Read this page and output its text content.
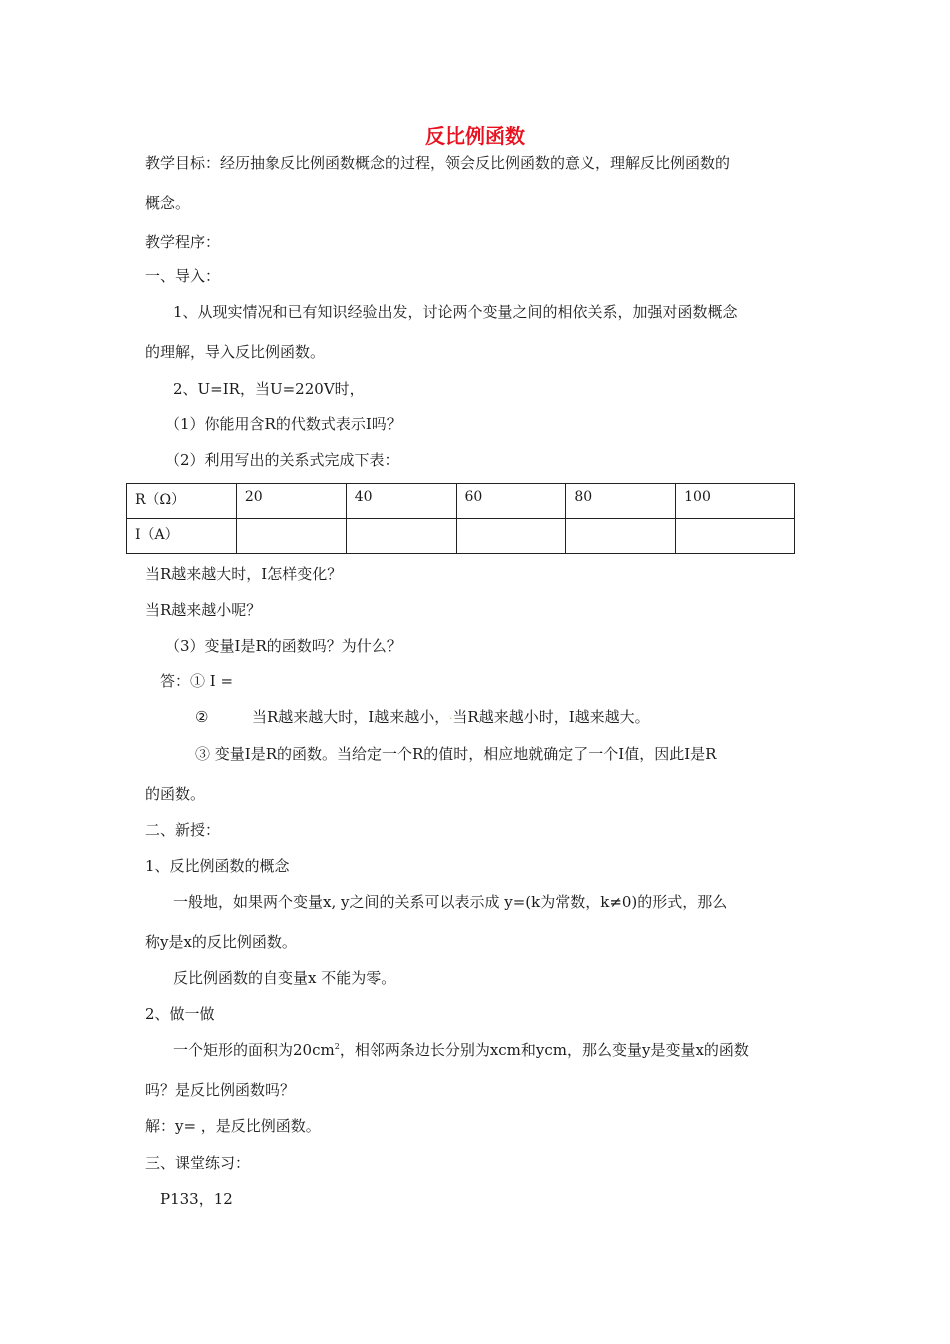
反比例函数
教学目标：经历抽象反比例函数概念的过程，领会反比例函数的意义，理解反比例函数的
概念。
教学程序：
一、导入：
1、从现实情况和已有知识经验出发，讨论两个变量之间的相依关系，加强对函数概念
的理解，导入反比例函数。
2、U=IR，当U=220V时，
（1）你能用含R的代数式表示I吗？
（2）利用写出的关系式完成下表：
R（Ω）	20	40	60	80	100
I（A）					
当R越来越大时，I怎样变化？
当R越来越小呢？
（3）变量I是R的函数吗？为什么？
答：① I =
②	当R越来越大时，I越来越小，.当R越来越小时，I越来越大。
③ 变量I是R的函数。当给定一个R的值时，相应地就确定了一个I值，因此I是R
的函数。
二、新授：
1、反比例函数的概念
一般地，如果两个变量x, y之间的关系可以表示成 y=(k为常数，k≠0)的形式，那么
称y是x的反比例函数。
反比例函数的自变量x 不能为零。
2、做一做
一个矩形的面积为$20cm^2$，相邻两条边长分别为xcm和ycm，那么变量y是变量x的函数
吗？是反比例函数吗？
解：y= ，是反比例函数。
三、课堂练习：
P133，12
